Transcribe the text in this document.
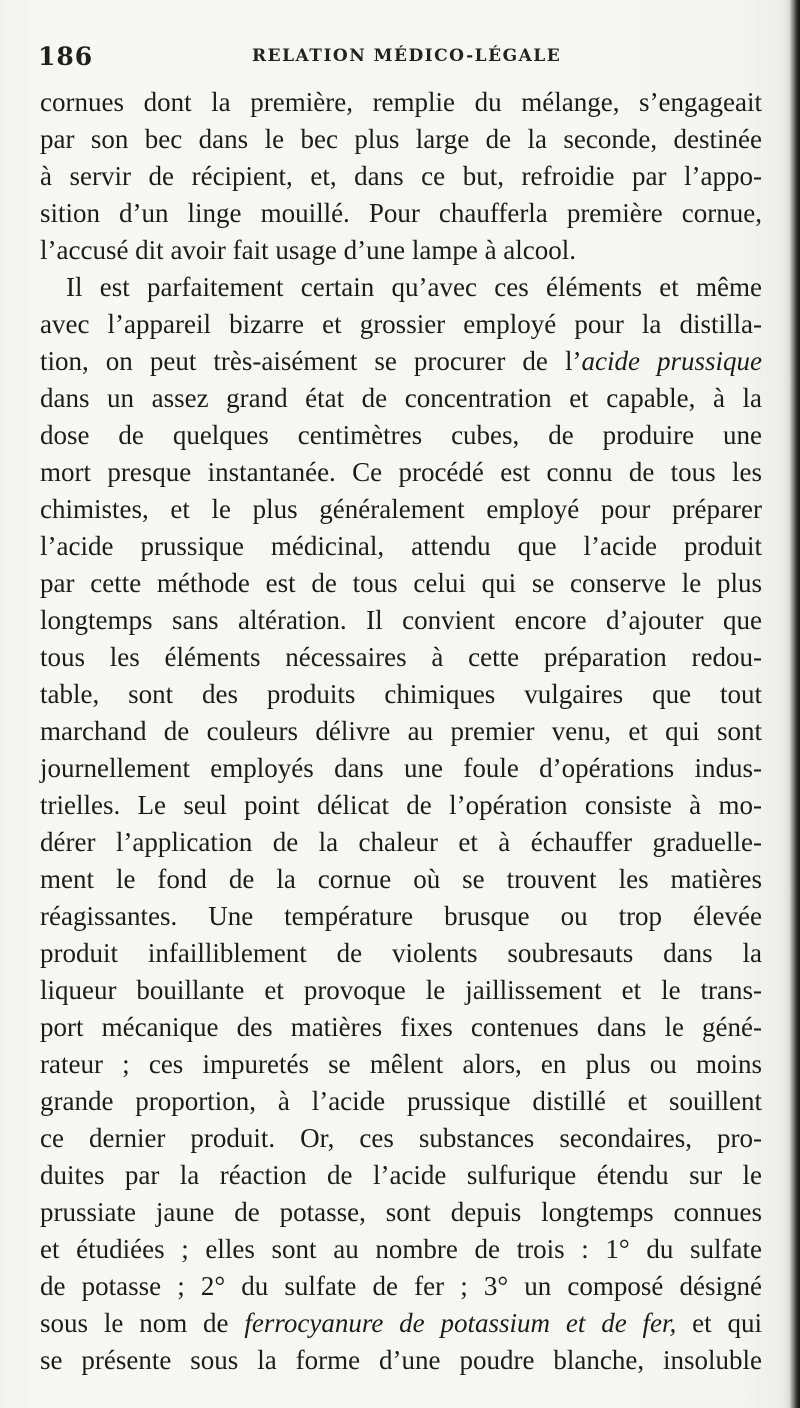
186	RELATION MÉDICO-LÉGALE
cornues dont la première, remplie du mélange, s’engageait
par son bec dans le bec plus large de la seconde, destinée
à servir de récipient, et, dans ce but, refroidie par l’appo-
sition d’un linge mouillé. Pour chaufferla première cornue,
l’accusé dit avoir fait usage d’une lampe à alcool.
Il est parfaitement certain qu’avec ces éléments et même
avec l’appareil bizarre et grossier employé pour la distilla-
tion, on peut très-aisément se procurer de l’acide prussique
dans un assez grand état de concentration et capable, à la
dose de quelques centimètres cubes, de produire une
mort presque instantanée. Ce procédé est connu de tous les
chimistes, et le plus généralement employé pour préparer
l’acide prussique médicinal, attendu que l’acide produit
par cette méthode est de tous celui qui se conserve le plus
longtemps sans altération. Il convient encore d’ajouter que
tous les éléments nécessaires à cette préparation redou-
table, sont des produits chimiques vulgaires que tout
marchand de couleurs délivre au premier venu, et qui sont
journellement employés dans une foule d’opérations indus-
trielles. Le seul point délicat de l’opération consiste à mo-
dérer l’application de la chaleur et à échauffer graduelle-
ment le fond de la cornue où se trouvent les matières
réagissantes. Une température brusque ou trop élevée
produit infailliblement de violents soubresauts dans la
liqueur bouillante et provoque le jaillissement et le trans-
port mécanique des matières fixes contenues dans le géné-
rateur ; ces impuretés se mêlent alors, en plus ou moins
grande proportion, à l’acide prussique distillé et souillent
ce dernier produit. Or, ces substances secondaires, pro-
duites par la réaction de l’acide sulfurique étendu sur le
prussiate jaune de potasse, sont depuis longtemps connues
et étudiées ; elles sont au nombre de trois : 1° du sulfate
de potasse ; 2° du sulfate de fer ; 3° un composé désigné
sous le nom de ferrocyanure de potassium et de fer, et qui
se présente sous la forme d’une poudre blanche, insoluble
